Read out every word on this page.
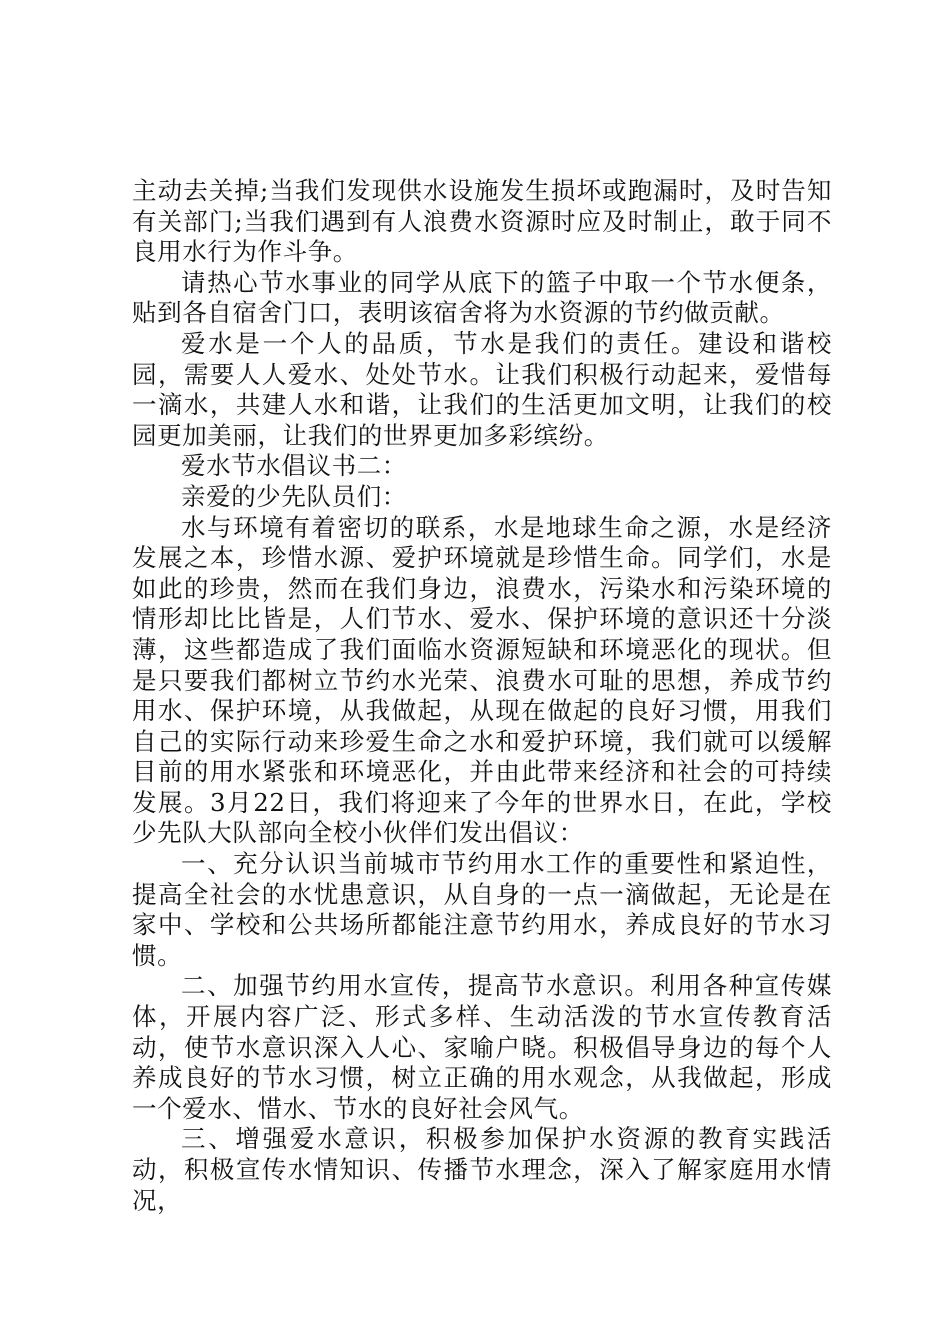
主动去关掉;当我们发现供水设施发生损坏或跑漏时，及时告知有关部门;当我们遇到有人浪费水资源时应及时制止，敢于同不良用水行为作斗争。

请热心节水事业的同学从底下的篮子中取一个节水便条，贴到各自宿舍门口，表明该宿舍将为水资源的节约做贡献。

爱水是一个人的品质，节水是我们的责任。建设和谐校园，需要人人爱水、处处节水。让我们积极行动起来，爱惜每一滴水，共建人水和谐，让我们的生活更加文明，让我们的校园更加美丽，让我们的世界更加多彩缤纷。

爱水节水倡议书二：

亲爱的少先队员们：

水与环境有着密切的联系，水是地球生命之源，水是经济发展之本，珍惜水源、爱护环境就是珍惜生命。同学们，水是如此的珍贵，然而在我们身边，浪费水，污染水和污染环境的情形却比比皆是，人们节水、爱水、保护环境的意识还十分淡薄，这些都造成了我们面临水资源短缺和环境恶化的现状。但是只要我们都树立节约水光荣、浪费水可耻的思想，养成节约用水、保护环境，从我做起，从现在做起的良好习惯，用我们自己的实际行动来珍爱生命之水和爱护环境，我们就可以缓解目前的用水紧张和环境恶化，并由此带来经济和社会的可持续发展。3月22日，我们将迎来了今年的世界水日，在此，学校少先队大队部向全校小伙伴们发出倡议：

一、充分认识当前城市节约用水工作的重要性和紧迫性，提高全社会的水忧患意识，从自身的一点一滴做起，无论是在家中、学校和公共场所都能注意节约用水，养成良好的节水习惯。

二、加强节约用水宣传，提高节水意识。利用各种宣传媒体，开展内容广泛、形式多样、生动活泼的节水宣传教育活动，使节水意识深入人心、家喻户晓。积极倡导身边的每个人养成良好的节水习惯，树立正确的用水观念，从我做起，形成一个爱水、惜水、节水的良好社会风气。

三、增强爱水意识，积极参加保护水资源的教育实践活动，积极宣传水情知识、传播节水理念，深入了解家庭用水情况，
